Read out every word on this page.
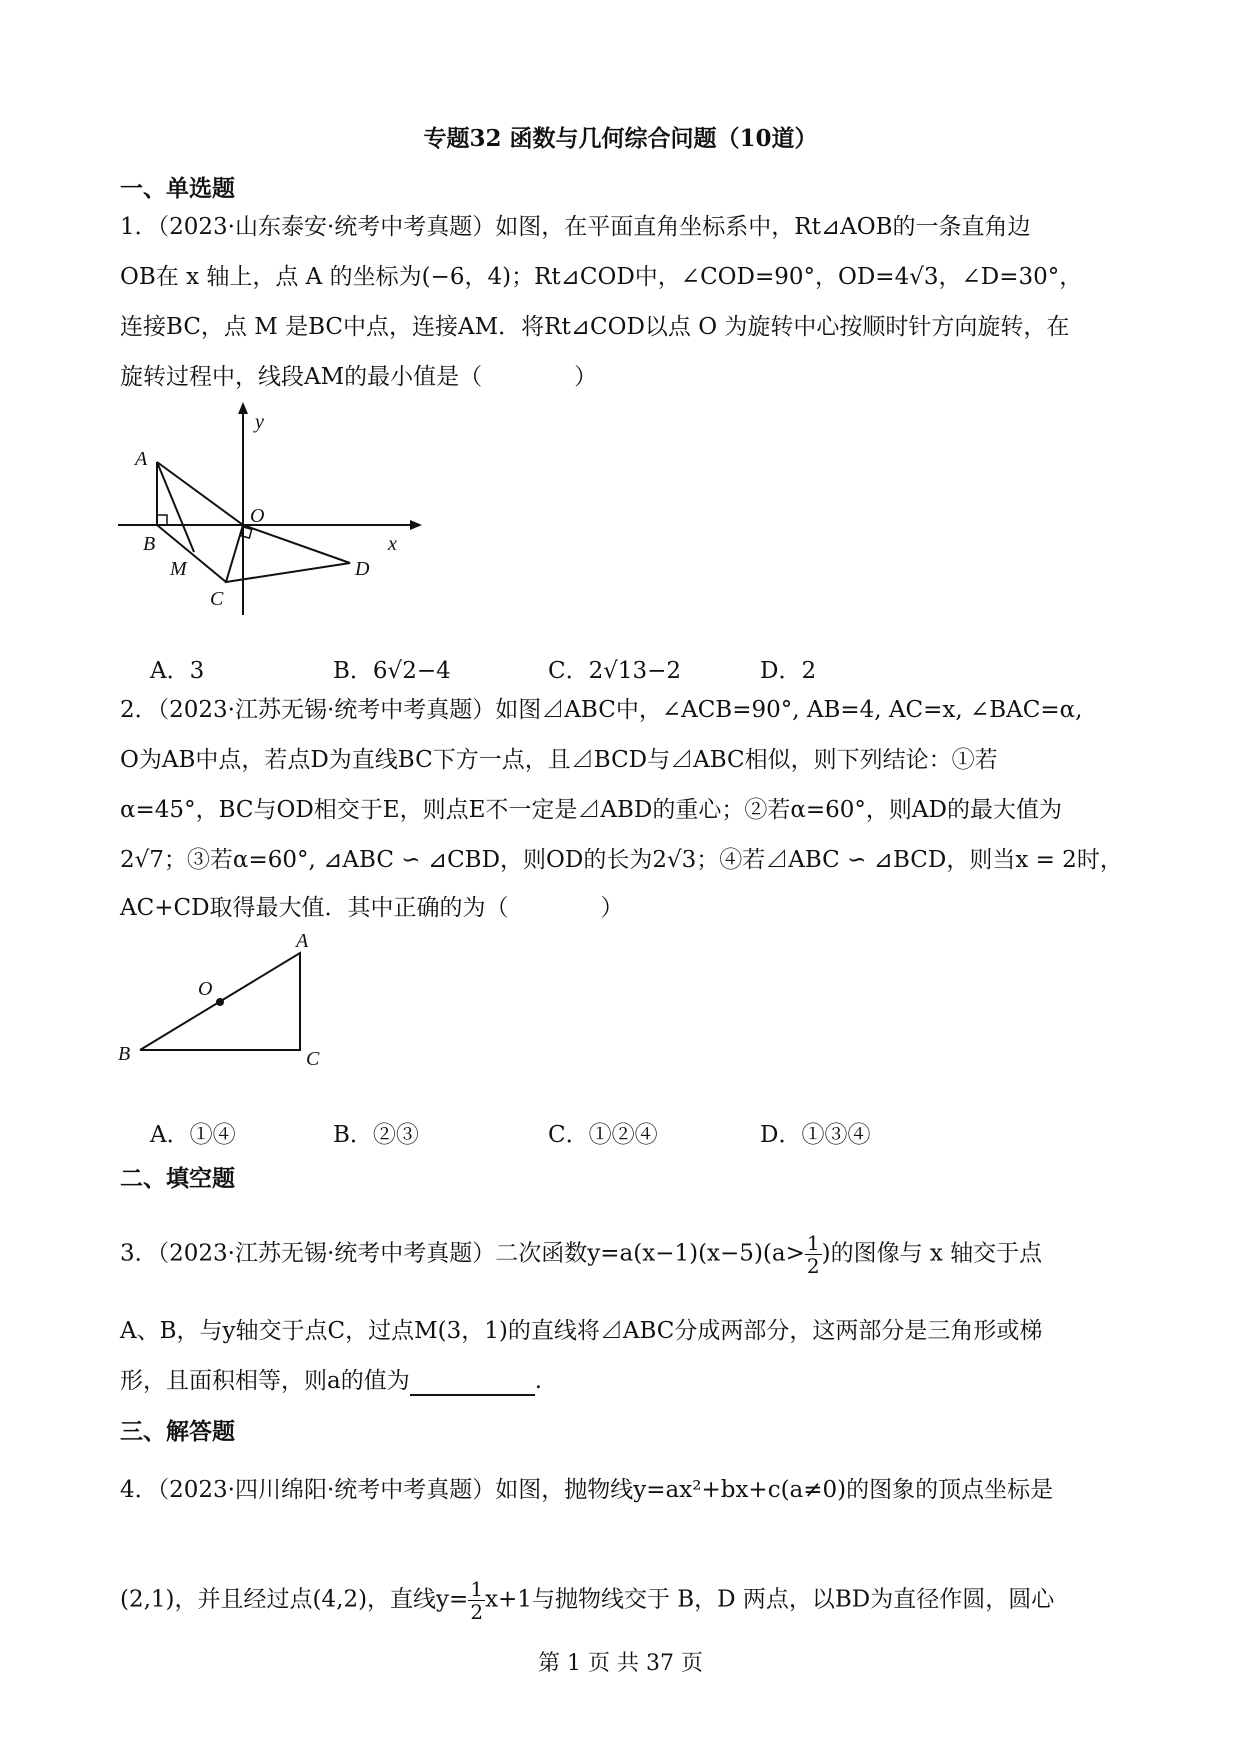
专题32 函数与几何综合问题（10道）
一、单选题
1．（2023·山东泰安·统考中考真题）如图，在平面直角坐标系中，Rt⊿AOB的一条直角边
OB在 x 轴上，点 A 的坐标为(−6，4)；Rt⊿COD中，∠COD=90°，OD=4√3，∠D=30°，
连接BC，点 M 是BC中点，连接AM．将Rt⊿COD以点 O 为旋转中心按顺时针方向旋转，在
旋转过程中，线段AM的最小值是（　　　　）
y
x
A
O
B
M	D
C
A．3	B．6√2−4	C．2√13−2	D．2
2．（2023·江苏无锡·统考中考真题）如图⊿ABC中，∠ACB=90°, AB=4, AC=x, ∠BAC=α,
O为AB中点，若点D为直线BC下方一点，且⊿BCD与⊿ABC相似，则下列结论：①若
α=45°，BC与OD相交于E，则点E不一定是⊿ABD的重心；②若α=60°，则AD的最大值为
2√7；③若α=60°, ⊿ABC ∽ ⊿CBD，则OD的长为2√3；④若⊿ABC ∽ ⊿BCD，则当x = 2时，
AC+CD取得最大值．其中正确的为（　　　　）
A
O
B	C
A．①④	B．②③	C．①②④	D．①③④
二、填空题
3．（2023·江苏无锡·统考中考真题）二次函数$y=a(x-1)(x-5)(a> \frac{1}{2}$ )的图像与 x 轴交于点
A、B，与y轴交于点C，过点M(3，1)的直线将⊿ABC分成两部分，这两部分是三角形或梯
形，且面积相等，则a的值为	.
三、解答题
4．（2023·四川绵阳·统考中考真题）如图，抛物线y=ax²+bx+c(a≠0)的图象的顶点坐标是
(2,1)，并且经过点(4,2)，直线$y= \frac{1}{2} x+1$与抛物线交于 B，D 两点，以BD为直径作圆，圆心
第 1 页 共 37 页
